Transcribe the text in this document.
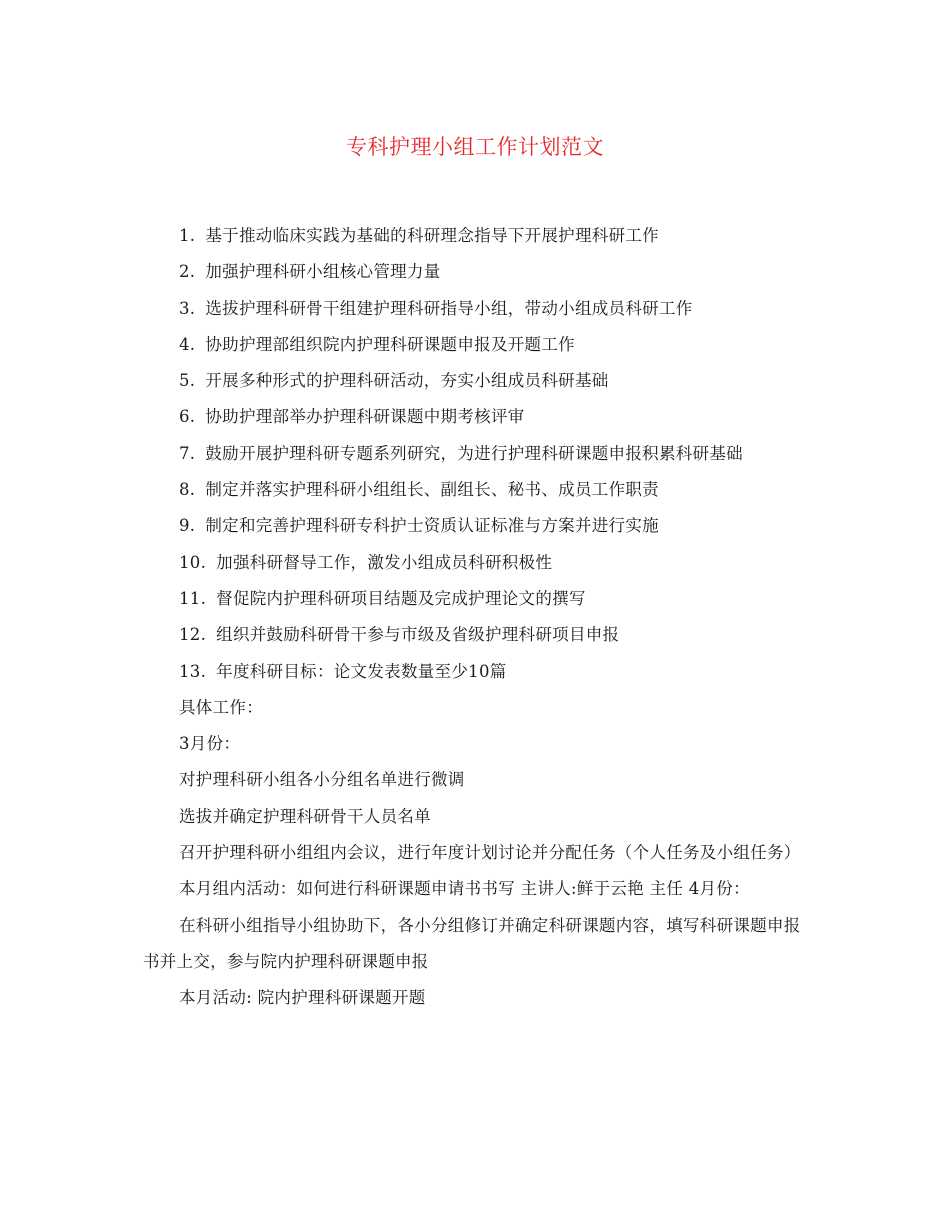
专科护理小组工作计划范文
1. 基于推动临床实践为基础的科研理念指导下开展护理科研工作
2. 加强护理科研小组核心管理力量
3. 选拔护理科研骨干组建护理科研指导小组，带动小组成员科研工作
4. 协助护理部组织院内护理科研课题申报及开题工作
5. 开展多种形式的护理科研活动，夯实小组成员科研基础
6. 协助护理部举办护理科研课题中期考核评审
7. 鼓励开展护理科研专题系列研究，为进行护理科研课题申报积累科研基础
8. 制定并落实护理科研小组组长、副组长、秘书、成员工作职责
9. 制定和完善护理科研专科护士资质认证标准与方案并进行实施
10. 加强科研督导工作，激发小组成员科研积极性
11. 督促院内护理科研项目结题及完成护理论文的撰写
12. 组织并鼓励科研骨干参与市级及省级护理科研项目申报
13. 年度科研目标：论文发表数量至少10篇
具体工作：
3月份：
对护理科研小组各小分组名单进行微调
选拔并确定护理科研骨干人员名单
召开护理科研小组组内会议，进行年度计划讨论并分配任务（个人任务及小组任务）
本月组内活动：如何进行科研课题申请书书写 主讲人:鲜于云艳 主任 4月份：
在科研小组指导小组协助下，各小分组修订并确定科研课题内容，填写科研课题申报书并上交，参与院内护理科研课题申报
本月活动: 院内护理科研课题开题
